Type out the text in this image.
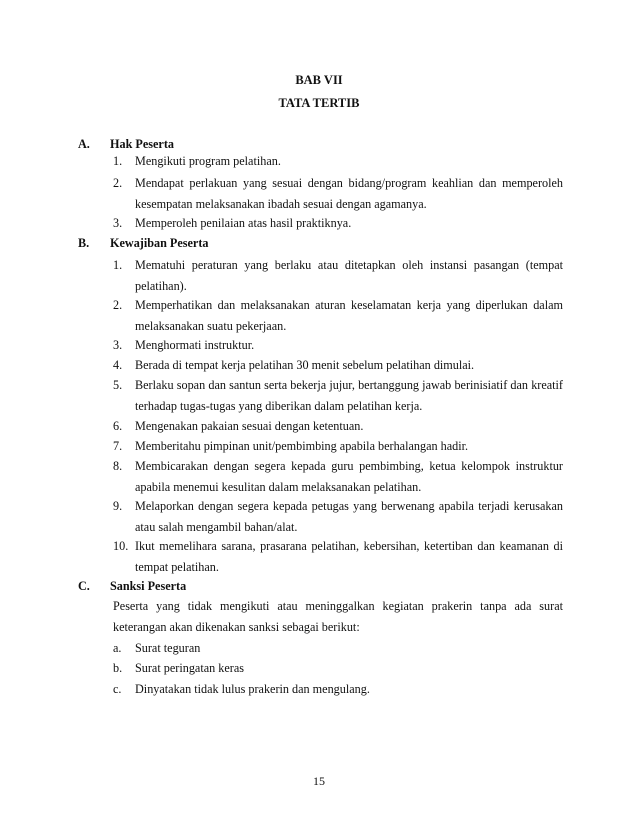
BAB VII
TATA TERTIB
A. Hak Peserta
1.	Mengikuti program pelatihan.
2.	Mendapat perlakuan yang sesuai dengan bidang/program keahlian dan memperoleh kesempatan melaksanakan ibadah sesuai dengan agamanya.
3.	Memperoleh penilaian atas hasil praktiknya.
B. Kewajiban Peserta
1.	Mematuhi peraturan yang berlaku atau ditetapkan oleh instansi pasangan (tempat pelatihan).
2.	Memperhatikan dan melaksanakan aturan keselamatan kerja yang diperlukan dalam melaksanakan suatu pekerjaan.
3.	Menghormati instruktur.
4.	Berada di tempat kerja pelatihan 30 menit sebelum pelatihan dimulai.
5.	Berlaku sopan dan santun serta bekerja jujur, bertanggung jawab berinisiatif dan kreatif terhadap tugas-tugas yang diberikan dalam pelatihan kerja.
6.	Mengenakan pakaian sesuai dengan ketentuan.
7.	Memberitahu pimpinan unit/pembimbing apabila berhalangan hadir.
8.	Membicarakan dengan segera kepada guru pembimbing, ketua kelompok instruktur apabila menemui kesulitan dalam melaksanakan pelatihan.
9.	Melaporkan dengan segera kepada petugas yang berwenang apabila terjadi kerusakan atau salah mengambil bahan/alat.
10. Ikut memelihara sarana, prasarana pelatihan, kebersihan, ketertiban dan keamanan di tempat pelatihan.
C. Sanksi Peserta
Peserta yang tidak mengikuti atau meninggalkan kegiatan prakerin tanpa ada surat keterangan akan dikenakan sanksi sebagai berikut:
a.	Surat teguran
b.	Surat peringatan keras
c.	Dinyatakan tidak lulus prakerin dan mengulang.
15
